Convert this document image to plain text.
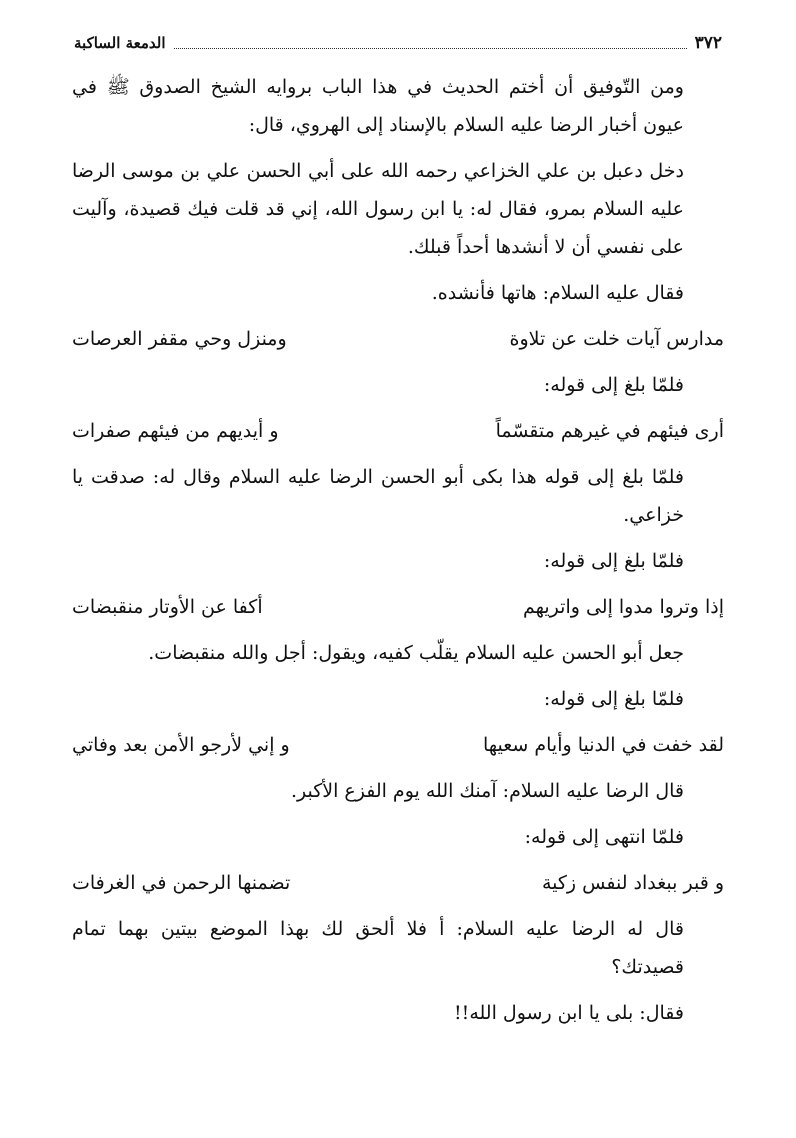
٣٧٢
الدمعة الساكبة

ومن التّوفيق أن أختم الحديث في هذا الباب بروايه الشيخ الصدوق ﷺ في عيون أخبار الرضا عليه السلام بالإسناد إلى الهروي، قال:

دخل دعبل بن علي الخزاعي رحمه الله على أبي الحسن علي بن موسى الرضا عليه السلام بمرو، فقال له: يا ابن رسول الله، إني قد قلت فيك قصيدة، وآليت على نفسي أن لا أنشدها أحداً قبلك.

فقال عليه السلام: هاتها فأنشده.

مدارس آيات خلت عن تلاوة
ومنزل وحي مقفر العرصات

فلمّا بلغ إلى قوله:

أرى فيئهم في غيرهم متقسّماً
و أيديهم من فيئهم صفرات

فلمّا بلغ إلى قوله هذا بكى أبو الحسن الرضا عليه السلام وقال له: صدقت يا خزاعي.

فلمّا بلغ إلى قوله:

إذا وتروا مدوا إلى واتريهم
أكفا عن الأوتار منقبضات

جعل أبو الحسن عليه السلام يقلّب كفيه، ويقول: أجل والله منقبضات.

فلمّا بلغ إلى قوله:

لقد خفت في الدنيا وأيام سعيها
و إني لأرجو الأمن بعد وفاتي

قال الرضا عليه السلام: آمنك الله يوم الفزع الأكبر.

فلمّا انتهى إلى قوله:

و قبر ببغداد لنفس زكية
تضمنها الرحمن في الغرفات

قال له الرضا عليه السلام: أ فلا ألحق لك بهذا الموضع بيتين بهما تمام قصيدتك؟

فقال: بلى يا ابن رسول الله!!
